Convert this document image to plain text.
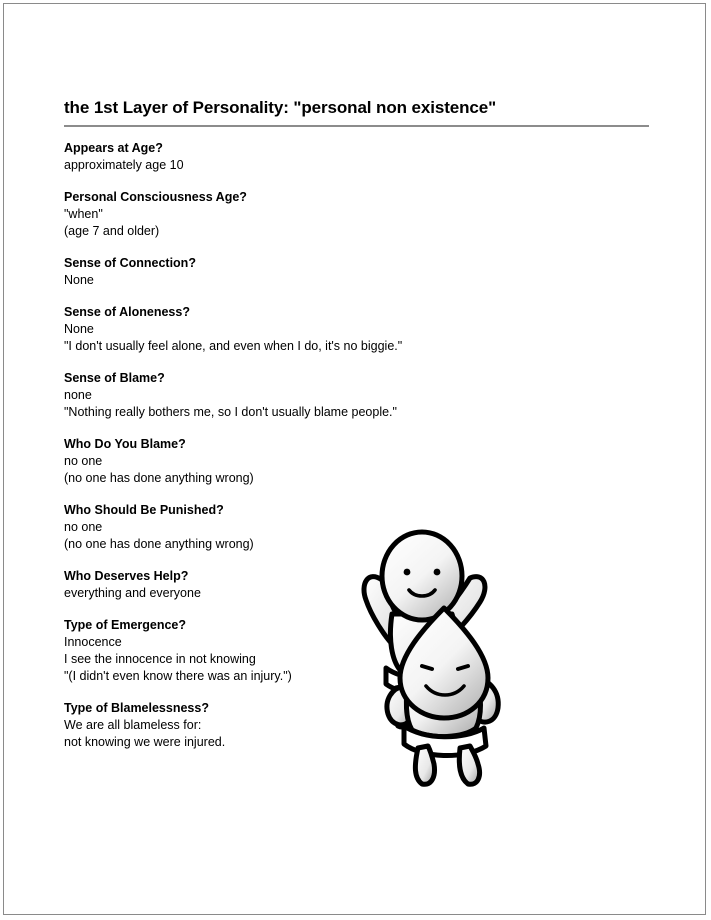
the 1st Layer of Personality: "personal non existence"
Appears at Age?
approximately age 10
Personal Consciousness Age?
"when"
(age 7 and older)
Sense of Connection?
None
Sense of Aloneness?
None
"I don't usually feel alone, and even when I do, it's no biggie."
Sense of Blame?
none
"Nothing really bothers me, so I don't usually blame people."
Who Do You Blame?
no one
(no one has done anything wrong)
Who Should Be Punished?
no one
(no one has done anything wrong)
Who Deserves Help?
everything and everyone
Type of Emergence?
Innocence
I see the innocence in not knowing
"(I didn't even know there was an injury.")
Type of Blamelessness?
We are all blameless for:
not knowing we were injured.
